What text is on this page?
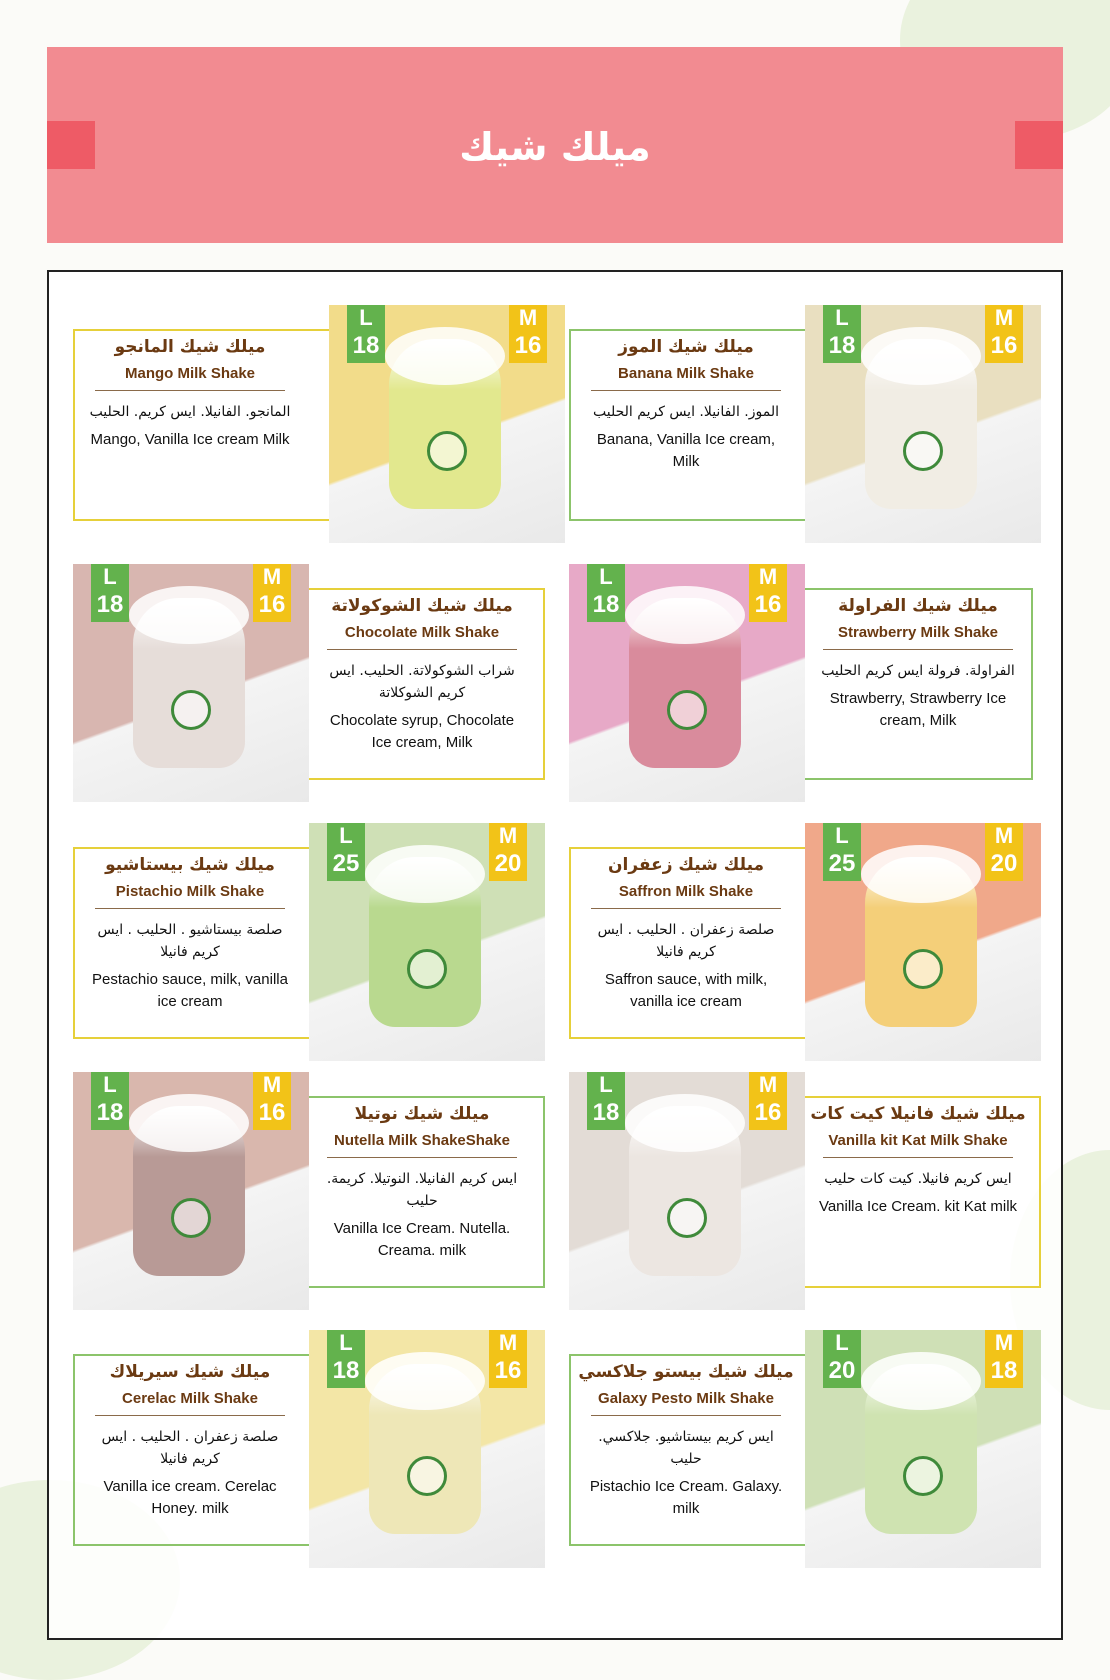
ميلك شيك
L
18
M
16
ميلك شيك المانجو
Mango Milk Shake
المانجو. الفانيلا. ايس كريم. الحليب
Mango, Vanilla Ice cream Milk
L
18
M
16
ميلك شيك الموز
Banana Milk Shake
الموز. الفانيلا. ايس كريم الحليب
Banana, Vanilla Ice cream, Milk
L
18
M
16	ميلك شيك الشوكولاتة
Chocolate Milk Shake
شراب الشوكولاتة. الحليب. ايس كريم الشوكلاتة
Chocolate syrup, Chocolate Ice cream, Milk
L
18
M
16	ميلك شيك الفراولة
Strawberry Milk Shake
الفراولة. فرولة ايس كريم الحليب
Strawberry, Strawberry Ice cream, Milk
L
25
M
20
ميلك شيك بيستاشيو
Pistachio Milk Shake
صلصة بيستاشيو . الحليب . ايس كريم فانيلا
Pestachio sauce, milk, vanilla ice cream
L
25
M
20
ميلك شيك زعفران
Saffron Milk Shake
صلصة زعفران . الحليب . ايس كريم فانيلا
Saffron sauce, with milk, vanilla ice cream
L
18
M
16	ميلك شيك نوتيلا
Nutella Milk ShakeShake
ايس كريم الفانيلا. النوتيلا. كريمة. حليب
Vanilla Ice Cream. Nutella. Creama. milk
L
18
M
16	ميلك شيك فانيلا كيت كات
Vanilla kit Kat Milk Shake
ايس كريم فانيلا. كيت كات حليب
Vanilla Ice Cream. kit Kat milk
L
18
M
16
ميلك شيك سيريلاك
Cerelac Milk Shake
صلصة زعفران . الحليب . ايس كريم فانيلا
Vanilla ice cream. Cerelac Honey. milk
L
20
M
18
ميلك شيك بيستو جلاكسي
Galaxy Pesto Milk Shake
ايس كريم بيستاشيو. جلاكسي. حليب
Pistachio Ice Cream. Galaxy. milk
